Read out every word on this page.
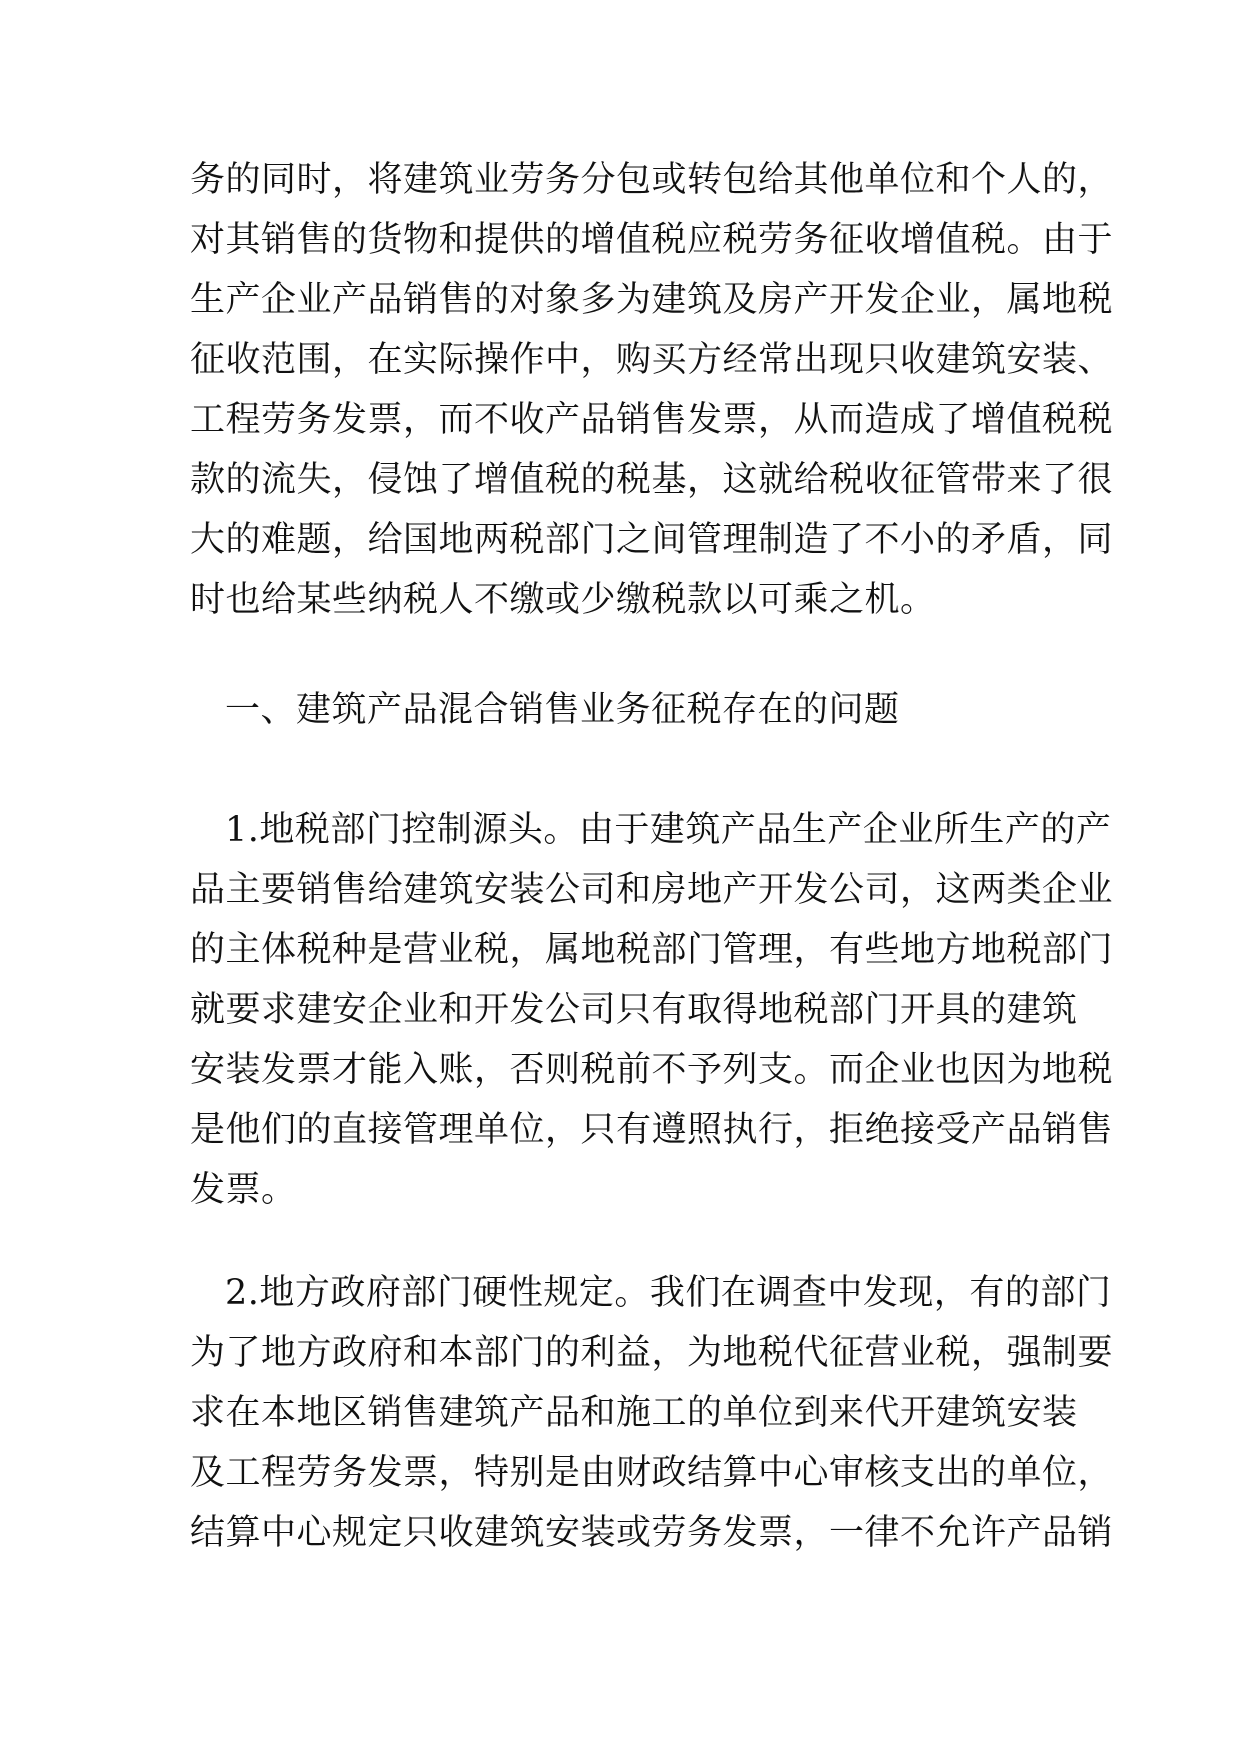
务的同时，将建筑业劳务分包或转包给其他单位和个人的，
对其销售的货物和提供的增值税应税劳务征收增值税。由于
生产企业产品销售的对象多为建筑及房产开发企业，属地税
征收范围，在实际操作中，购买方经常出现只收建筑安装、
工程劳务发票，而不收产品销售发票，从而造成了增值税税
款的流失，侵蚀了增值税的税基，这就给税收征管带来了很
大的难题，给国地两税部门之间管理制造了不小的矛盾，同
时也给某些纳税人不缴或少缴税款以可乘之机。
一、建筑产品混合销售业务征税存在的问题
1.地税部门控制源头。由于建筑产品生产企业所生产的产
品主要销售给建筑安装公司和房地产开发公司，这两类企业
的主体税种是营业税，属地税部门管理，有些地方地税部门
就要求建安企业和开发公司只有取得地税部门开具的建筑
安装发票才能入账，否则税前不予列支。而企业也因为地税
是他们的直接管理单位，只有遵照执行，拒绝接受产品销售
发票。
2.地方政府部门硬性规定。我们在调查中发现，有的部门
为了地方政府和本部门的利益，为地税代征营业税，强制要
求在本地区销售建筑产品和施工的单位到来代开建筑安装
及工程劳务发票，特别是由财政结算中心审核支出的单位，
结算中心规定只收建筑安装或劳务发票，一律不允许产品销
